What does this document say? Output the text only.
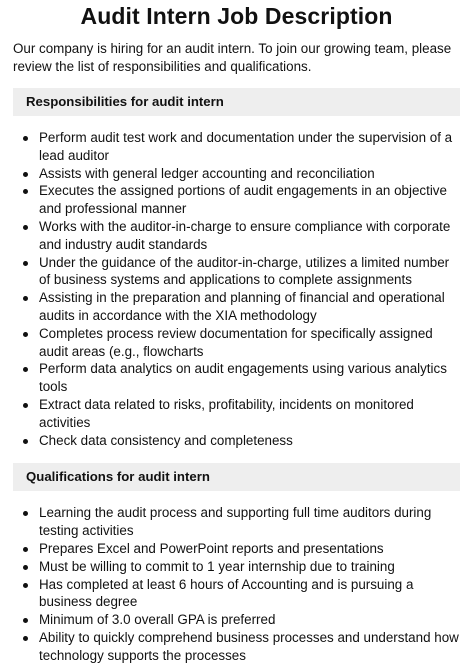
Audit Intern Job Description

Our company is hiring for an audit intern. To join our growing team, please review the list of responsibilities and qualifications.

Responsibilities for audit intern
Perform audit test work and documentation under the supervision of a lead auditor
Assists with general ledger accounting and reconciliation
Executes the assigned portions of audit engagements in an objective and professional manner
Works with the auditor-in-charge to ensure compliance with corporate and industry audit standards
Under the guidance of the auditor-in-charge, utilizes a limited number of business systems and applications to complete assignments
Assisting in the preparation and planning of financial and operational audits in accordance with the XIA methodology
Completes process review documentation for specifically assigned audit areas (e.g., flowcharts
Perform data analytics on audit engagements using various analytics tools
Extract data related to risks, profitability, incidents on monitored activities
Check data consistency and completeness
Qualifications for audit intern
Learning the audit process and supporting full time auditors during testing activities
Prepares Excel and PowerPoint reports and presentations
Must be willing to commit to 1 year internship due to training
Has completed at least 6 hours of Accounting and is pursuing a business degree
Minimum of 3.0 overall GPA is preferred
Ability to quickly comprehend business processes and understand how technology supports the processes
